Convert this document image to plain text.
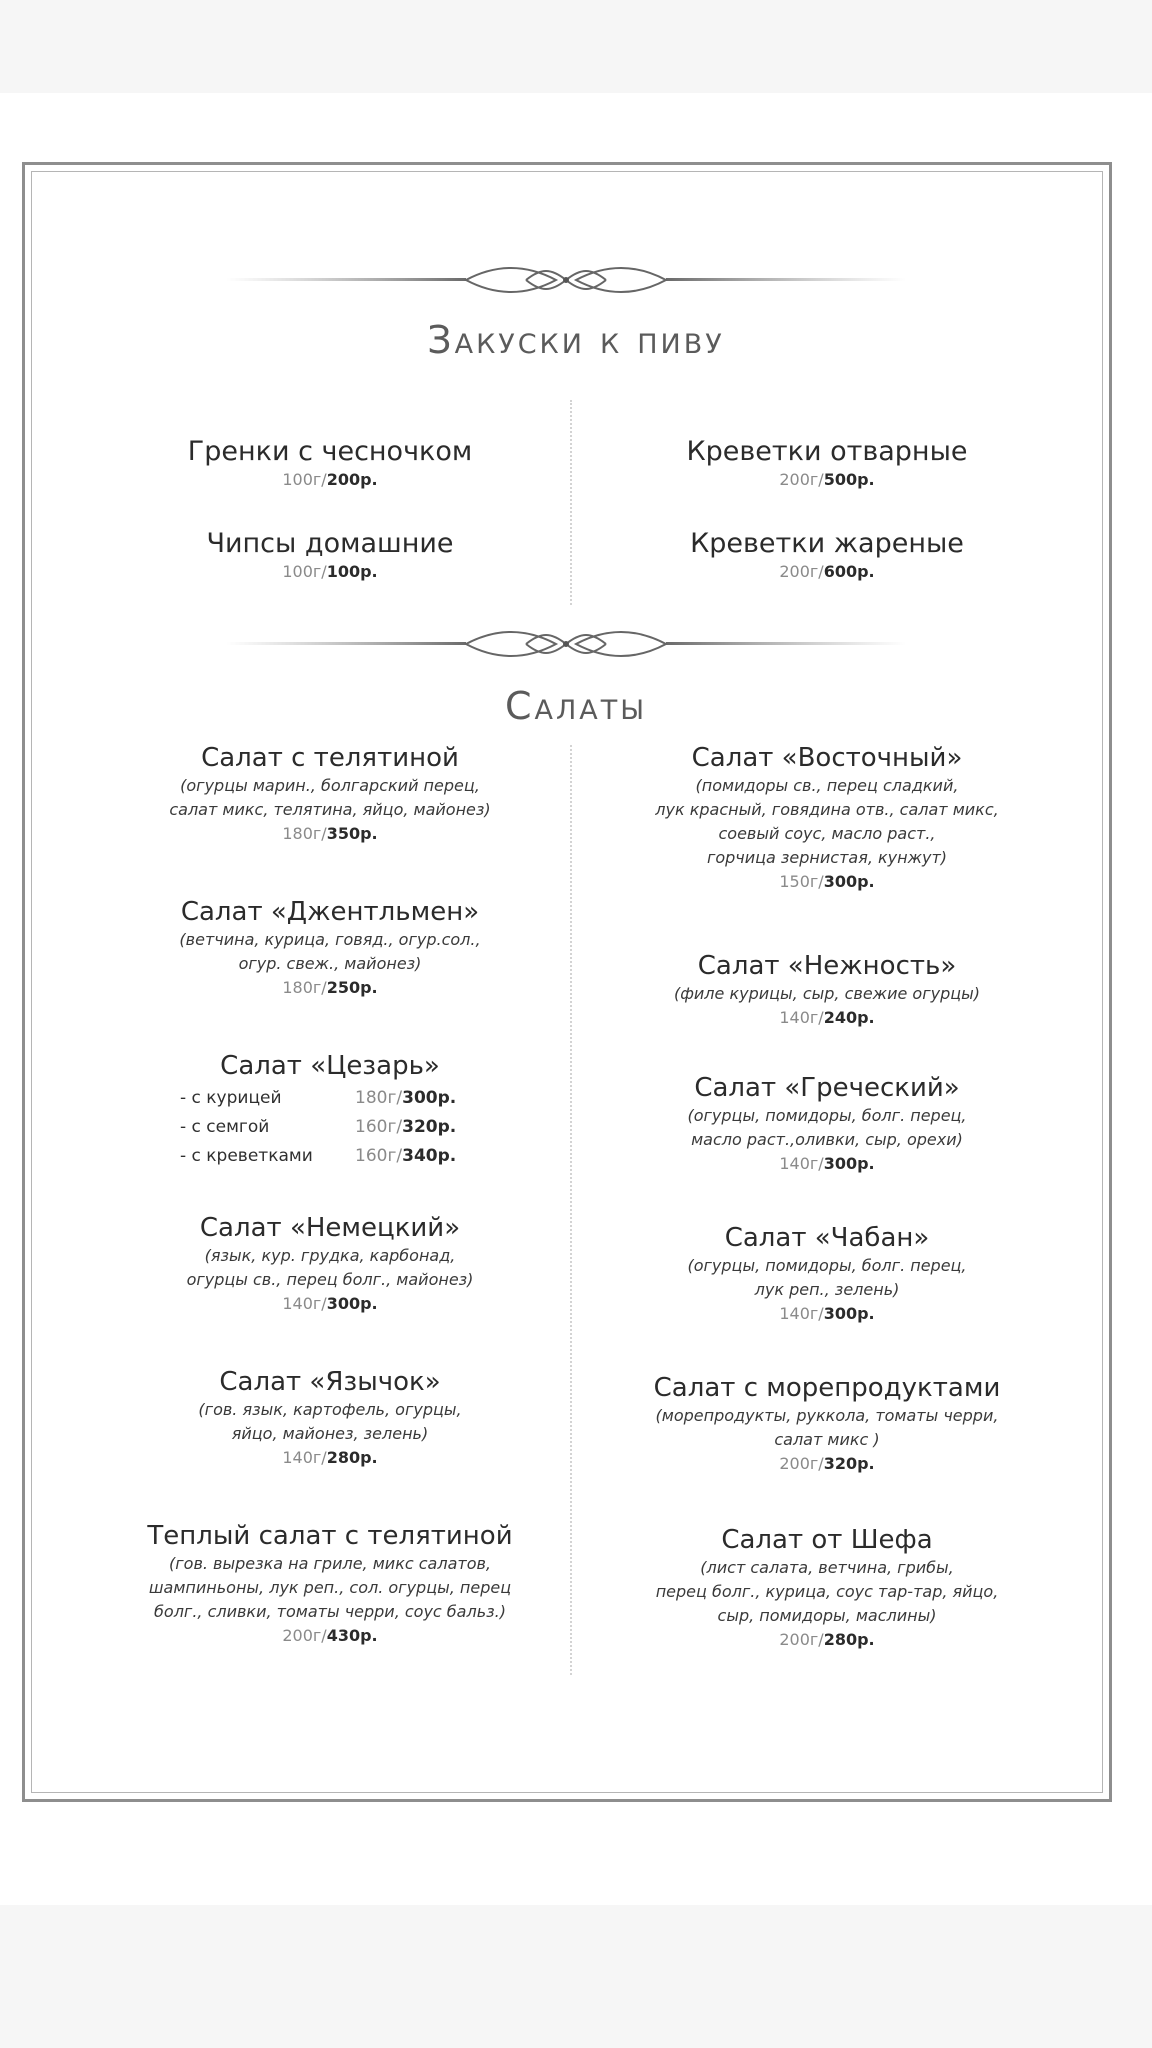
Закуски к пиву
Гренки с чесночком
100г/200р.
Чипсы домашние
100г/100р.
Креветки отварные
200г/500р.
Креветки жареные
200г/600р.
Салаты
Салат с телятиной
(огурцы марин., болгарский перец,
салат микс, телятина, яйцо, майонез)
180г/350р.
Салат «Джентльмен»
(ветчина, курица, говяд., огур.сол.,
огур. свеж., майонез)
180г/250р.
Салат «Цезарь»
- с курицей	180г/300р.
- с семгой	160г/320р.
- с креветками	160г/340р.
Салат «Немецкий»
(язык, кур. грудка, карбонад,
огурцы св., перец болг., майонез)
140г/300р.
Салат «Язычок»
(гов. язык, картофель, огурцы,
яйцо, майонез, зелень)
140г/280р.
Теплый салат с телятиной
(гов. вырезка на гриле, микс салатов,
шампиньоны, лук реп., сол. огурцы, перец
болг., сливки, томаты черри, соус бальз.)
200г/430р.
Салат «Восточный»
(помидоры св., перец сладкий,
лук красный, говядина отв., салат микс,
соевый соус, масло раст.,
горчица зернистая, кунжут)
150г/300р.
Салат «Нежность»
(филе курицы, сыр, свежие огурцы)
140г/240р.
Салат «Греческий»
(огурцы, помидоры, болг. перец,
масло раст.,оливки, сыр, орехи)
140г/300р.
Салат «Чабан»
(огурцы, помидоры, болг. перец,
лук реп., зелень)
140г/300р.
Салат с морепродуктами
(морепродукты, руккола, томаты черри,
салат микс )
200г/320р.
Салат от Шефа
(лист салата, ветчина, грибы,
перец болг., курица, соус тар-тар, яйцо,
сыр, помидоры, маслины)
200г/280р.
